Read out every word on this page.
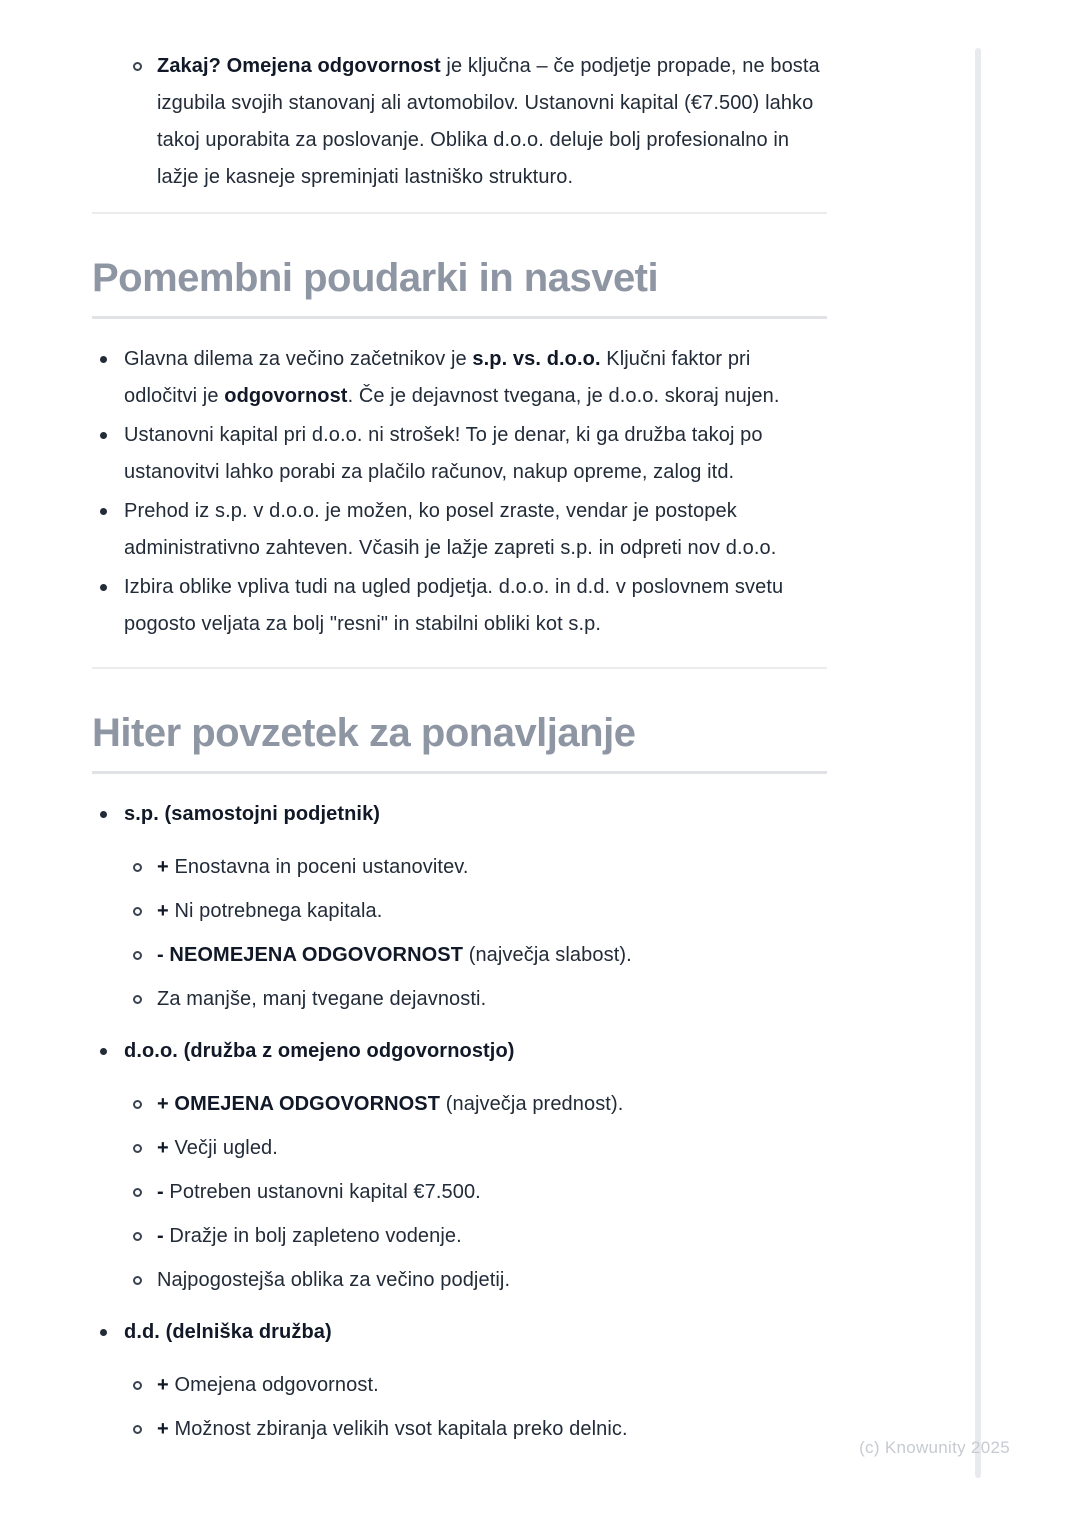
Zakaj? Omejena odgovornost je ključna – če podjetje propade, ne bosta izgubila svojih stanovanj ali avtomobilov. Ustanovni kapital (€7.500) lahko takoj uporabita za poslovanje. Oblika d.o.o. deluje bolj profesionalno in lažje je kasneje spreminjati lastniško strukturo.

Pomembni poudarki in nasveti

Glavna dilema za večino začetnikov je s.p. vs. d.o.o. Ključni faktor pri odločitvi je odgovornost. Če je dejavnost tvegana, je d.o.o. skoraj nujen.

Ustanovni kapital pri d.o.o. ni strošek! To je denar, ki ga družba takoj po ustanovitvi lahko porabi za plačilo računov, nakup opreme, zalog itd.

Prehod iz s.p. v d.o.o. je možen, ko posel zraste, vendar je postopek administrativno zahteven. Včasih je lažje zapreti s.p. in odpreti nov d.o.o.

Izbira oblike vpliva tudi na ugled podjetja. d.o.o. in d.d. v poslovnem svetu pogosto veljata za bolj "resni" in stabilni obliki kot s.p.

Hiter povzetek za ponavljanje

s.p. (samostojni podjetnik)

+ Enostavna in poceni ustanovitev.

+ Ni potrebnega kapitala.

- NEOMEJENA ODGOVORNOST (največja slabost).

Za manjše, manj tvegane dejavnosti.

d.o.o. (družba z omejeno odgovornostjo)

+ OMEJENA ODGOVORNOST (največja prednost).

+ Večji ugled.

- Potreben ustanovni kapital €7.500.

- Dražje in bolj zapleteno vodenje.

Najpogostejša oblika za večino podjetij.

d.d. (delniška družba)

+ Omejena odgovornost.

+ Možnost zbiranja velikih vsot kapitala preko delnic.

(c) Knowunity 2025
